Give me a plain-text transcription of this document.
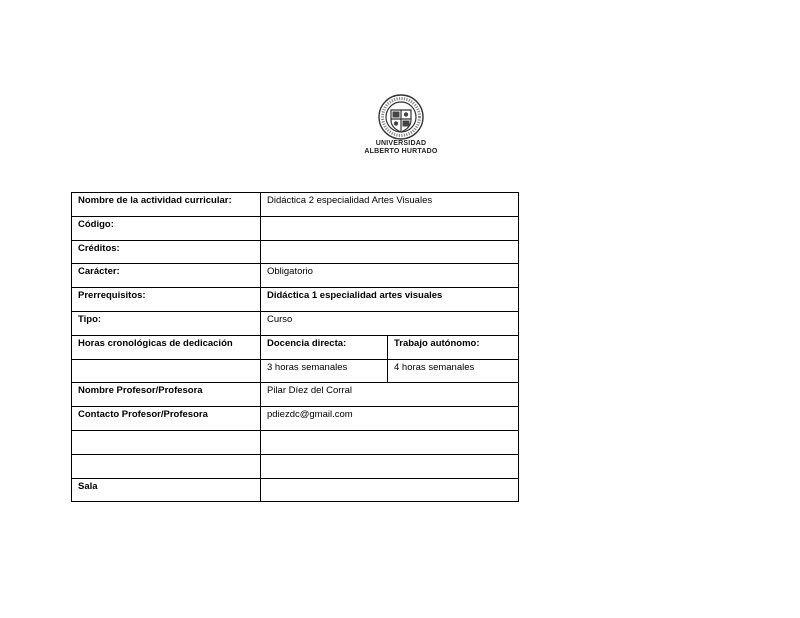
UNIVERSIDAD
ALBERTO HURTADO
Nombre de la actividad curricular:	Didáctica 2 especialidad Artes Visuales	
Código:		
Créditos:		
Carácter:	Obligatorio	
Prerrequisitos:	Didáctica 1 especialidad artes visuales	
Tipo:	Curso	
Horas cronológicas de dedicación	Docencia directa:	Trabajo autónomo:
	3 horas semanales	4 horas semanales
Nombre Profesor/Profesora	Pilar Díez del Corral	
Contacto Profesor/Profesora	pdiezdc@gmail.com	

Sala		
